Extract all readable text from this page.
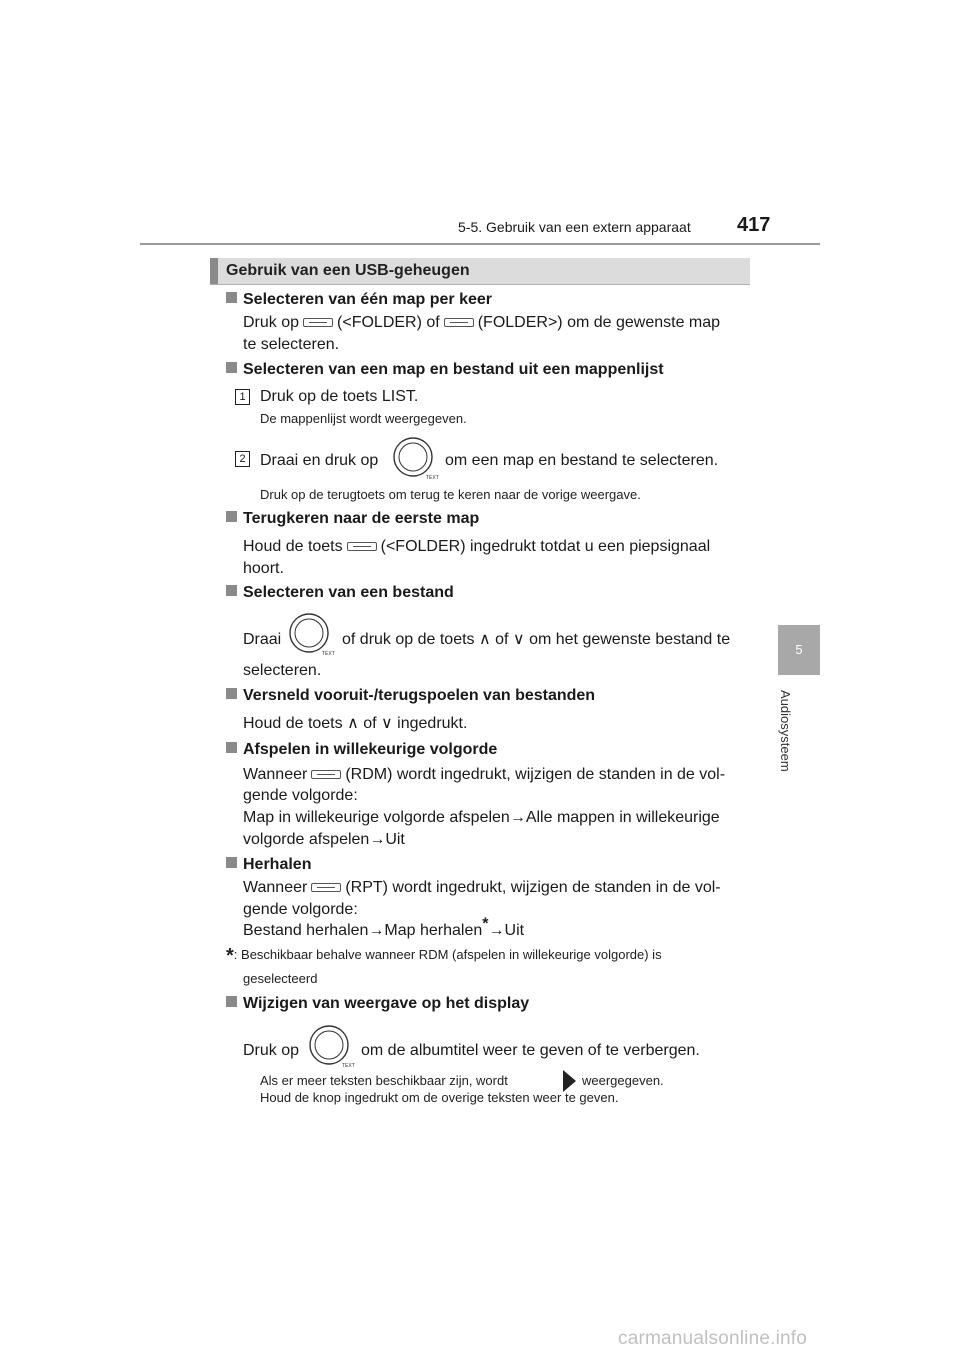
5-5. Gebruik van een extern apparaat 417
5
Audiosysteem
Gebruik van een USB-geheugen
Selecteren van één map per keer
Druk op (<FOLDER) of (FOLDER>) om de gewenste map
te selecteren.
Selecteren van een map en bestand uit een mappenlijst
1 Druk op de toets LIST.
De mappenlijst wordt weergegeven.
2 Draai en druk op
TEXT
om een map en bestand te selecteren.
Druk op de terugtoets om terug te keren naar de vorige weergave.
Terugkeren naar de eerste map
Houd de toets (<FOLDER) ingedrukt totdat u een piepsignaal
hoort.
Selecteren van een bestand
Draai
TEXT
of druk op de toets ∧ of ∨ om het gewenste bestand te
selecteren.
Versneld vooruit-/terugspoelen van bestanden
Houd de toets ∧ of ∨ ingedrukt.
Afspelen in willekeurige volgorde
Wanneer (RDM) wordt ingedrukt, wijzigen de standen in de vol-
gende volgorde:
Map in willekeurige volgorde afspelen→Alle mappen in willekeurige
volgorde afspelen→Uit
Herhalen
Wanneer (RPT) wordt ingedrukt, wijzigen de standen in de vol-
gende volgorde:
Bestand herhalen→Map herhalen*→Uit
*: Beschikbaar behalve wanneer RDM (afspelen in willekeurige volgorde) is
geselecteerd
Wijzigen van weergave op het display
Druk op
TEXT
om de albumtitel weer te geven of te verbergen.
Als er meer teksten beschikbaar zijn, wordt	weergegeven.
Houd de knop ingedrukt om de overige teksten weer te geven.
carmanualsonline.info
